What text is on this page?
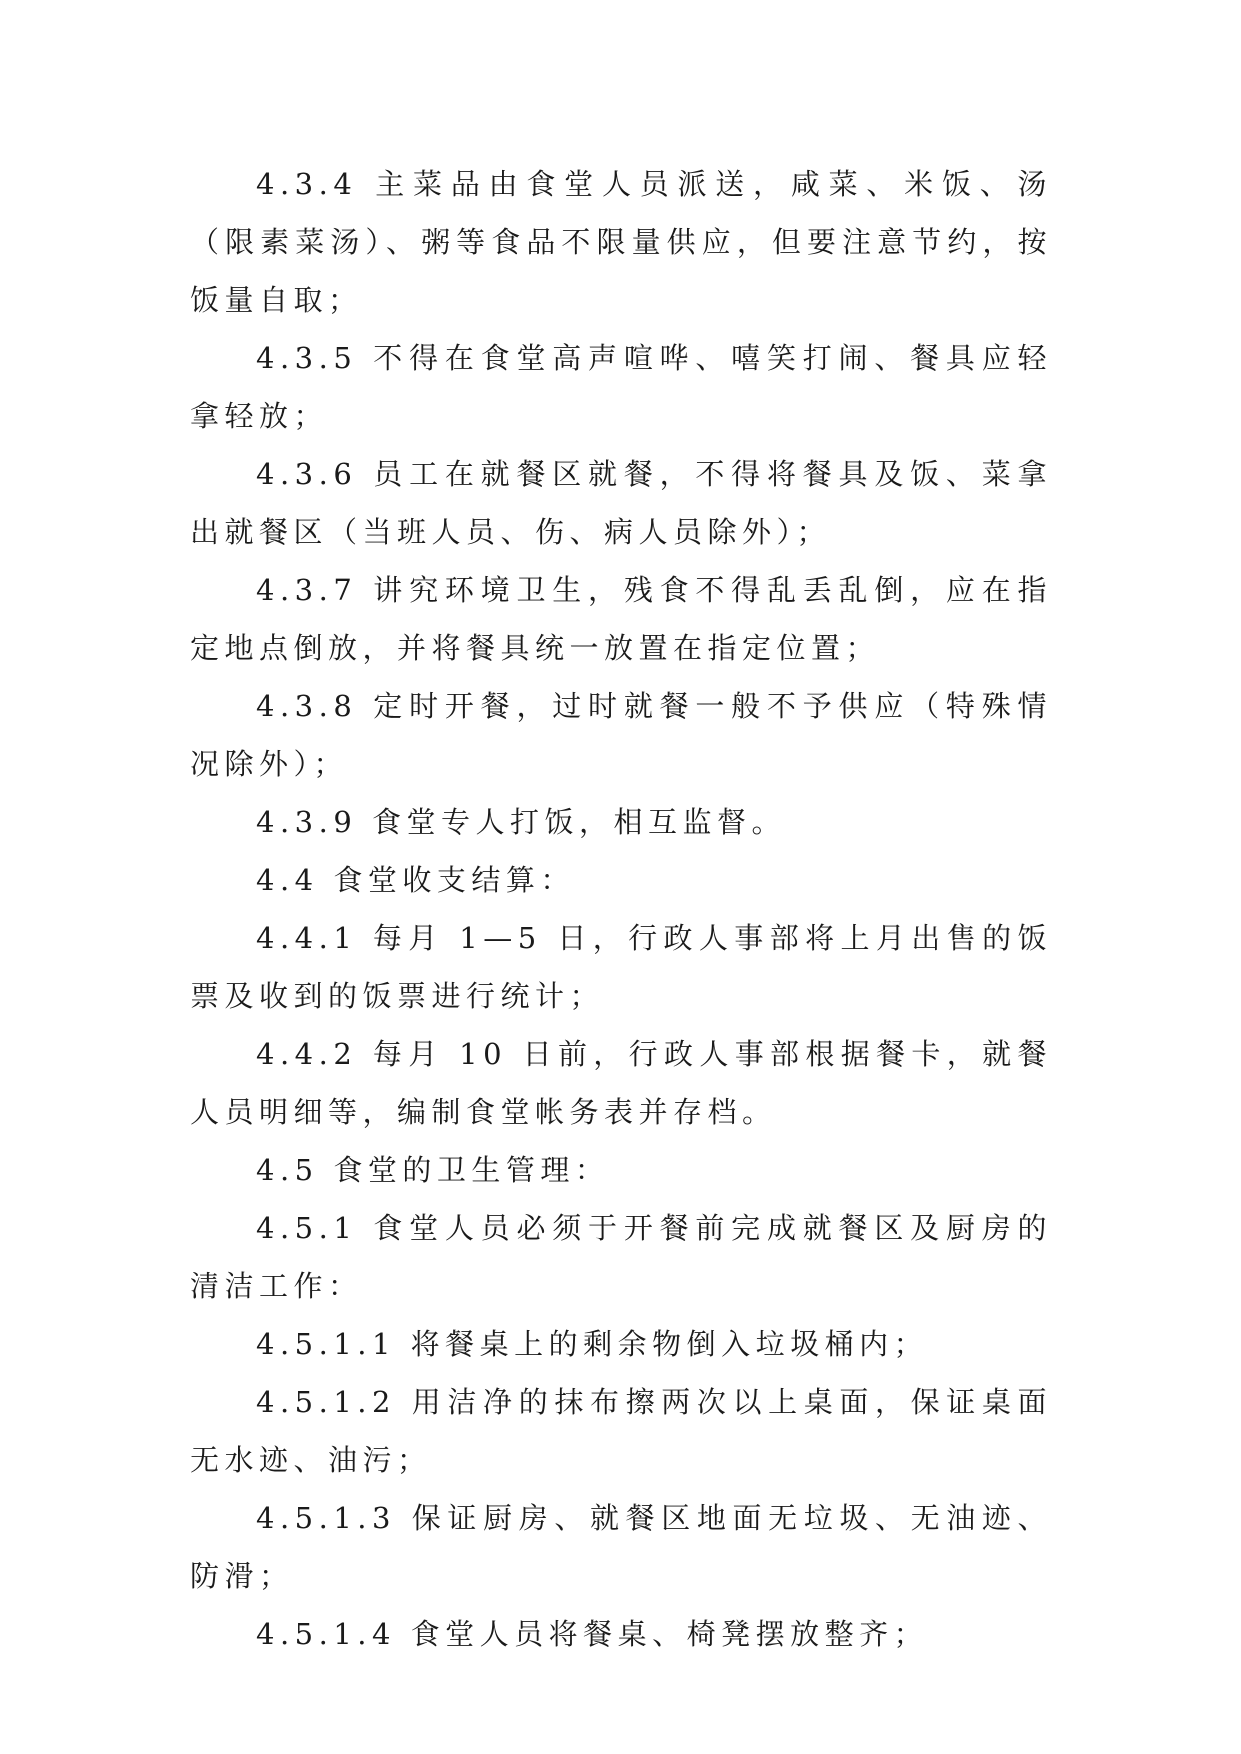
4.3.4 主菜品由食堂人员派送，咸菜、米饭、汤（限素菜汤）、粥等食品不限量供应，但要注意节约，按饭量自取；

4.3.5 不得在食堂高声喧哗、嘻笑打闹、餐具应轻拿轻放；

4.3.6 员工在就餐区就餐，不得将餐具及饭、菜拿出就餐区（当班人员、伤、病人员除外）；

4.3.7 讲究环境卫生，残食不得乱丢乱倒，应在指定地点倒放，并将餐具统一放置在指定位置；

4.3.8 定时开餐，过时就餐一般不予供应（特殊情况除外）；

4.3.9 食堂专人打饭，相互监督。

4.4 食堂收支结算：

4.4.1 每月 1—5 日，行政人事部将上月出售的饭票及收到的饭票进行统计；

4.4.2 每月 10 日前，行政人事部根据餐卡，就餐人员明细等，编制食堂帐务表并存档。

4.5 食堂的卫生管理：

4.5.1 食堂人员必须于开餐前完成就餐区及厨房的清洁工作：

4.5.1.1 将餐桌上的剩余物倒入垃圾桶内；

4.5.1.2 用洁净的抹布擦两次以上桌面，保证桌面无水迹、油污；

4.5.1.3 保证厨房、就餐区地面无垃圾、无油迹、防滑；

4.5.1.4 食堂人员将餐桌、椅凳摆放整齐；
